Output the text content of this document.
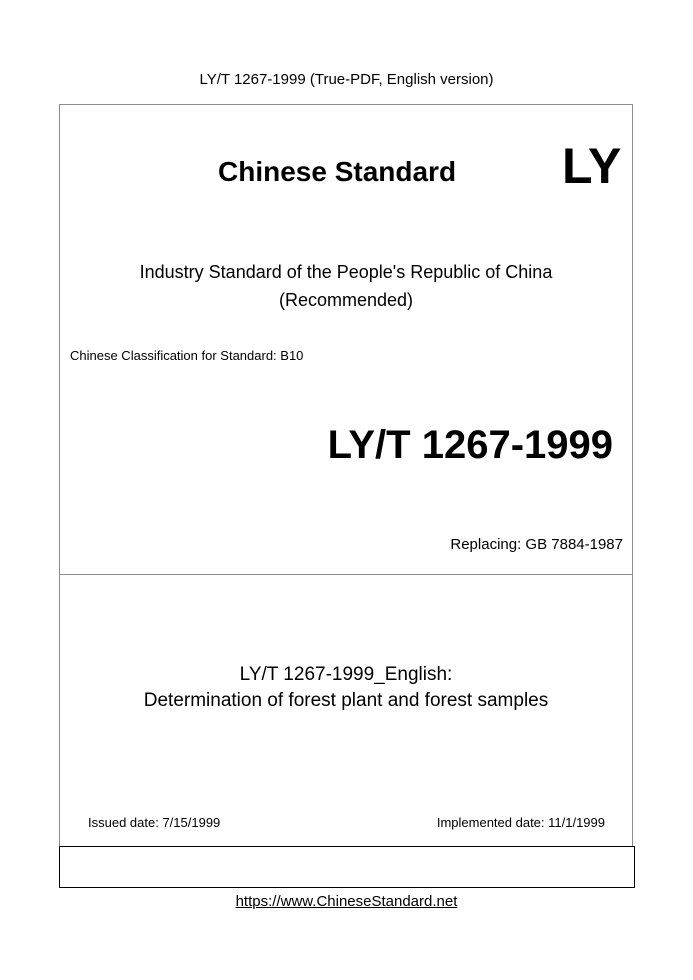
LY/T 1267-1999 (True-PDF, English version)
Chinese Standard LY
Industry Standard of the People's Republic of China
(Recommended)
Chinese Classification for Standard: B10
LY/T 1267-1999
Replacing: GB 7884-1987
LY/T 1267-1999_English:
Determination of forest plant and forest samples
Issued date: 7/15/1999	Implemented date: 11/1/1999
https://www.ChineseStandard.net
